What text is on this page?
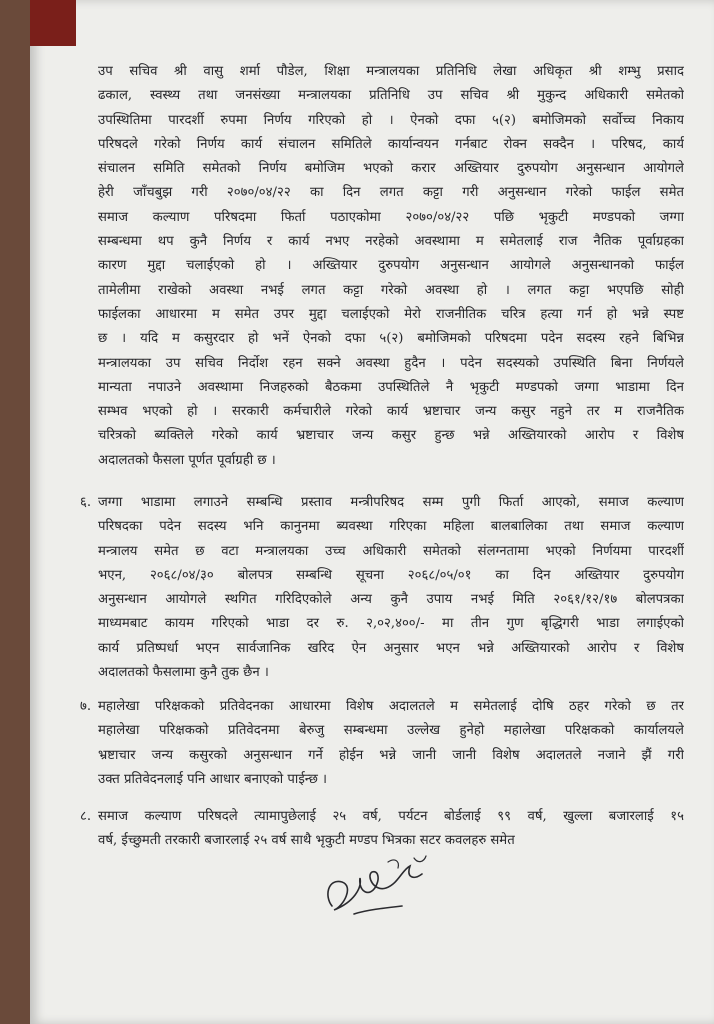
उप सचिव श्री वासु शर्मा पौडेल, शिक्षा मन्त्रालयका प्रतिनिधि लेखा अधिकृत श्री शम्भु प्रसाद
ढकाल, स्वस्थ्य तथा जनसंख्या मन्त्रालयका प्रतिनिधि उप सचिव श्री मुकुन्द अधिकारी समेतको
उपस्थितिमा पारदर्शी रुपमा निर्णय गरिएको हो । ऐनको दफा ५(२) बमोजिमको सर्वोच्च निकाय
परिषदले गरेको निर्णय कार्य संचालन समितिले कार्यान्वयन गर्नबाट रोक्न सक्दैन । परिषद, कार्य
संचालन समिति समेतको निर्णय बमोजिम भएको करार अख्तियार दुरुपयोग अनुसन्धान आयोगले
हेरी जाँचबुझ गरी २०७०/०४/२२ का दिन लगत कट्टा गरी अनुसन्धान गरेको फाईल समेत
समाज कल्याण परिषदमा फिर्ता पठाएकोमा २०७०/०४/२२ पछि भृकुटी मण्डपको जग्गा
सम्बन्धमा थप कुनै निर्णय र कार्य नभए नरहेको अवस्थामा म समेतलाई राज नैतिक पूर्वाग्रहका
कारण मुद्दा चलाईएको हो । अख्तियार दुरुपयोग अनुसन्धान आयोगले अनुसन्धानको फाईल
तामेलीमा राखेको अवस्था नभई लगत कट्टा गरेको अवस्था हो । लगत कट्टा भएपछि सोही
फाईलका आधारमा म समेत उपर मुद्दा चलाईएको मेरो राजनीतिक चरित्र हत्या गर्न हो भन्ने स्पष्ट
छ । यदि म कसुरदार हो भनें ऐनको दफा ५(२) बमोजिमको परिषदमा पदेन सदस्य रहने बिभिन्न
मन्त्रालयका उप सचिव निर्दोश रहन सक्ने अवस्था हुदैन । पदेन सदस्यको उपस्थिति बिना निर्णयले
मान्यता नपाउने अवस्थामा निजहरुको बैठकमा उपस्थितिले नै भृकुटी मण्डपको जग्गा भाडामा दिन
सम्भव भएको हो । सरकारी कर्मचारीले गरेको कार्य भ्रष्टाचार जन्य कसुर नहुने तर म राजनैतिक
चरित्रको ब्यक्तिले गरेको कार्य भ्रष्टाचार जन्य कसुर हुन्छ भन्ने अख्तियारको आरोप र विशेष
अदालतको फैसला पूर्णत पूर्वाग्रही छ ।
६. जग्गा भाडामा लगाउने सम्बन्धि प्रस्ताव मन्त्रीपरिषद सम्म पुगी फिर्ता आएको, समाज कल्याण
परिषदका पदेन सदस्य भनि कानुनमा ब्यवस्था गरिएका महिला बालबालिका तथा समाज कल्याण
मन्त्रालय समेत छ वटा मन्त्रालयका उच्च अधिकारी समेतको संलग्नतामा भएको निर्णयमा पारदर्शी
भएन, २०६८/०४/३० बोलपत्र सम्बन्धि सूचना २०६८/०५/०१ का दिन अख्तियार दुरुपयोग
अनुसन्धान आयोगले स्थगित गरिदिएकोले अन्य कुनै उपाय नभई मिति २०६१/१२/१७ बोलपत्रका
माध्यमबाट कायम गरिएको भाडा दर रु. २,०२,४००/- मा तीन गुण बृद्धिगरी भाडा लगाईएको
कार्य प्रतिष्पर्धा भएन सार्वजानिक खरिद ऐन अनुसार भएन भन्ने अख्तियारको आरोप र विशेष
अदालतको फैसलामा कुनै तुक छैन ।
७. महालेखा परिक्षकको प्रतिवेदनका आधारमा विशेष अदालतले म समेतलाई दोषि ठहर गरेको छ तर
महालेखा परिक्षकको प्रतिवेदनमा बेरुजु सम्बन्धमा उल्लेख हुनेहो महालेखा परिक्षकको कार्यालयले
भ्रष्टाचार जन्य कसुरको अनुसन्धान गर्ने होईन भन्ने जानी जानी विशेष अदालतले नजाने झैं गरी
उक्त प्रतिवेदनलाई पनि आधार बनाएको पाईन्छ ।
८. समाज कल्याण परिषदले त्यामापुछेलाई २५ वर्ष, पर्यटन बोर्डलाई ९९ वर्ष, खुल्ला बजारलाई १५
वर्ष, ईच्छुमती तरकारी बजारलाई २५ वर्ष साथै भृकुटी मण्डप भित्रका सटर कवलहरु समेत
